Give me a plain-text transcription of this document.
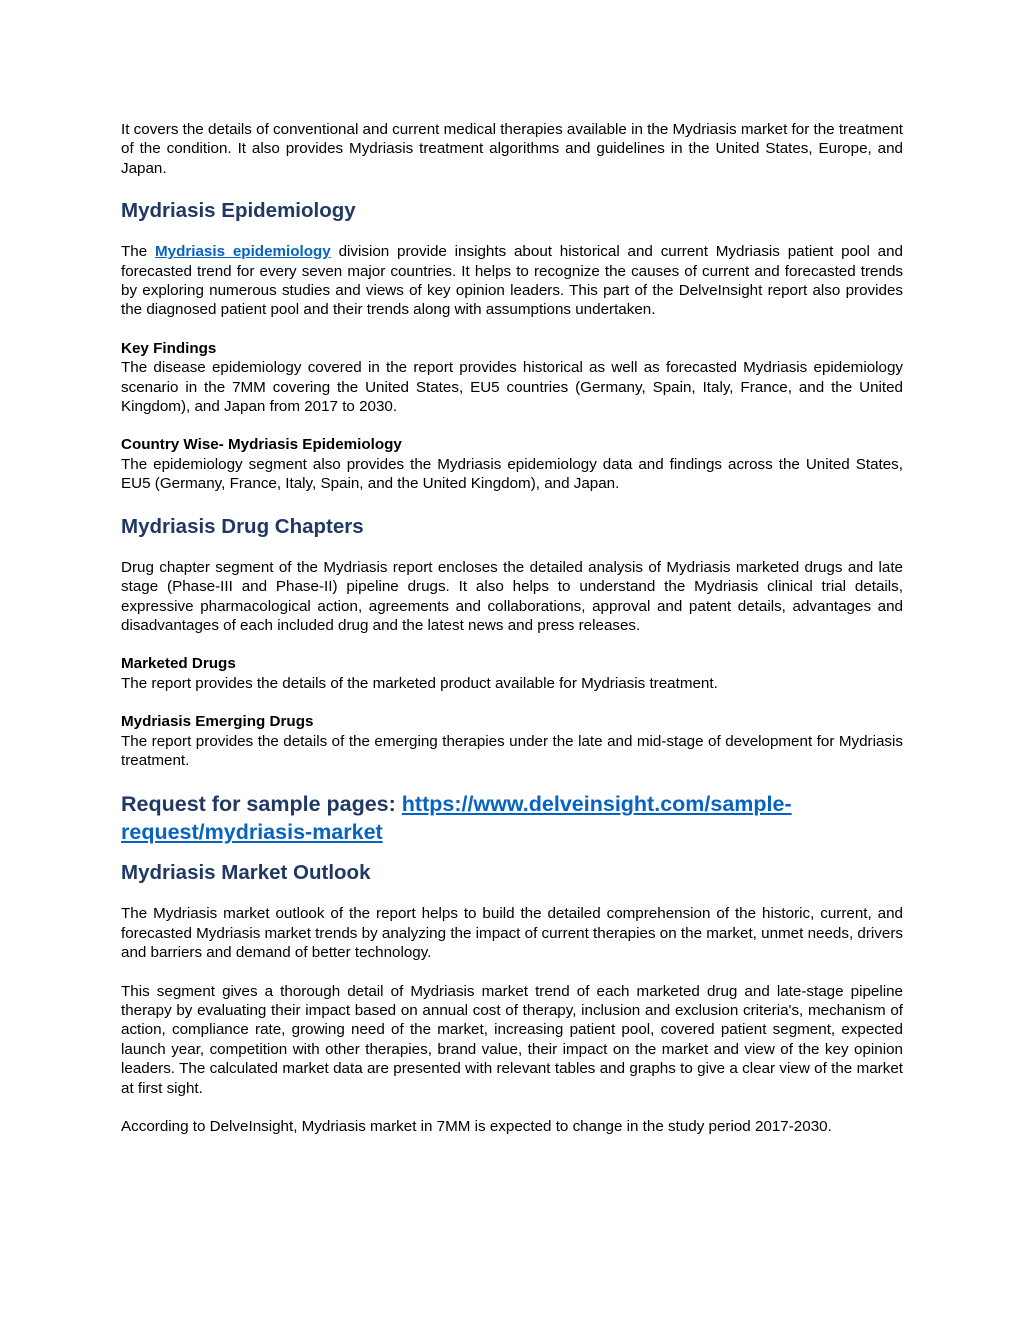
It covers the details of conventional and current medical therapies available in the Mydriasis market for the treatment of the condition. It also provides Mydriasis treatment algorithms and guidelines in the United States, Europe, and Japan.

Mydriasis Epidemiology

The Mydriasis epidemiology division provide insights about historical and current Mydriasis patient pool and forecasted trend for every seven major countries. It helps to recognize the causes of current and forecasted trends by exploring numerous studies and views of key opinion leaders. This part of the DelveInsight report also provides the diagnosed patient pool and their trends along with assumptions undertaken.

Key Findings

The disease epidemiology covered in the report provides historical as well as forecasted Mydriasis epidemiology scenario in the 7MM covering the United States, EU5 countries (Germany, Spain, Italy, France, and the United Kingdom), and Japan from 2017 to 2030.

Country Wise- Mydriasis Epidemiology

The epidemiology segment also provides the Mydriasis epidemiology data and findings across the United States, EU5 (Germany, France, Italy, Spain, and the United Kingdom), and Japan.

Mydriasis Drug Chapters

Drug chapter segment of the Mydriasis report encloses the detailed analysis of Mydriasis marketed drugs and late stage (Phase-III and Phase-II) pipeline drugs. It also helps to understand the Mydriasis clinical trial details, expressive pharmacological action, agreements and collaborations, approval and patent details, advantages and disadvantages of each included drug and the latest news and press releases.

Marketed Drugs

The report provides the details of the marketed product available for Mydriasis treatment.

Mydriasis Emerging Drugs

The report provides the details of the emerging therapies under the late and mid-stage of development for Mydriasis treatment.

Request for sample pages: https://www.delveinsight.com/sample-
request/mydriasis-market
Mydriasis Market Outlook

The Mydriasis market outlook of the report helps to build the detailed comprehension of the historic, current, and forecasted Mydriasis market trends by analyzing the impact of current therapies on the market, unmet needs, drivers and barriers and demand of better technology.

This segment gives a thorough detail of Mydriasis market trend of each marketed drug and late-stage pipeline therapy by evaluating their impact based on annual cost of therapy, inclusion and exclusion criteria's, mechanism of action, compliance rate, growing need of the market, increasing patient pool, covered patient segment, expected launch year, competition with other therapies, brand value, their impact on the market and view of the key opinion leaders. The calculated market data are presented with relevant tables and graphs to give a clear view of the market at first sight.

According to DelveInsight, Mydriasis market in 7MM is expected to change in the study period 2017-2030.
